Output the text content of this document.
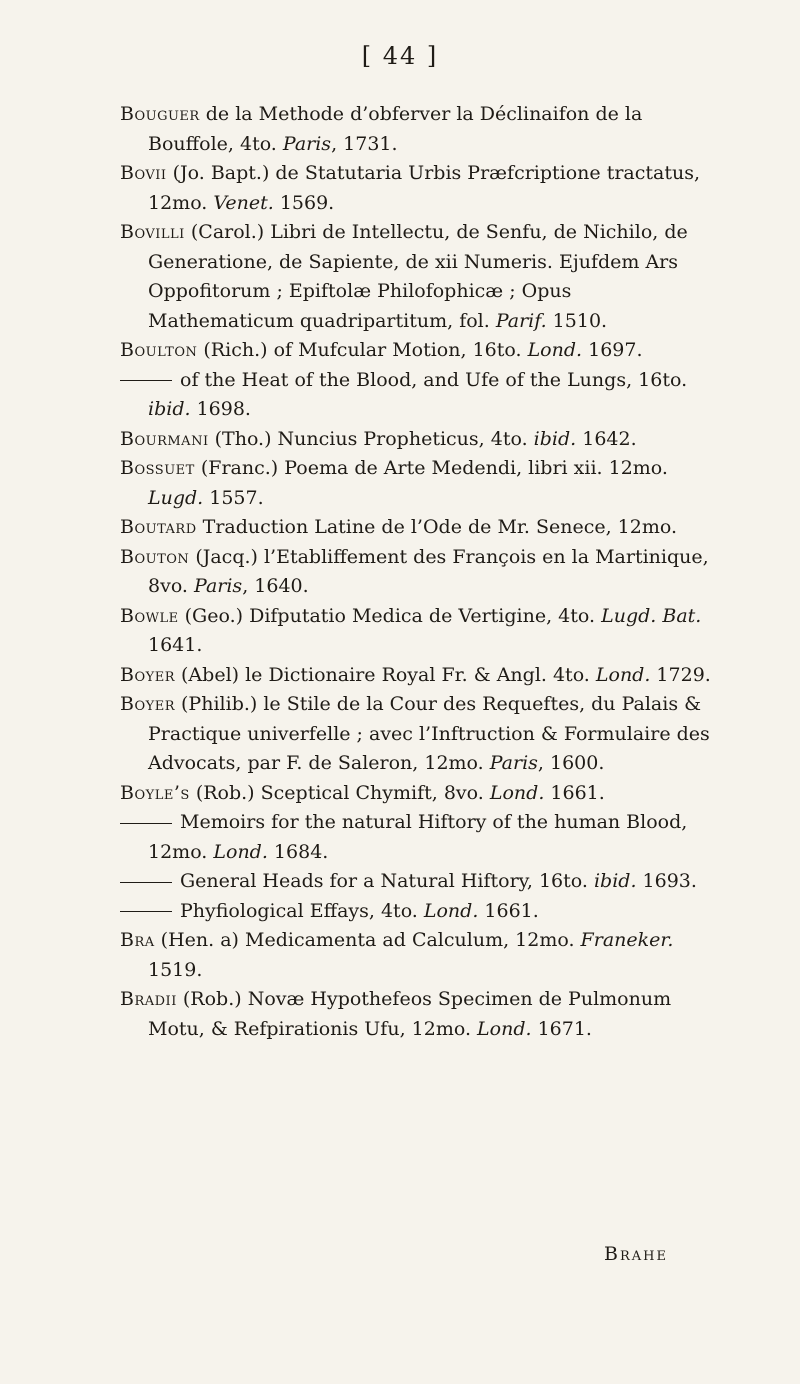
[ 44 ]

Bouguer de la Methode d’obferver la Déclinaifon de la Bouffole, 4to. Paris, 1731.

Bovii (Jo. Bapt.) de Statutaria Urbis Præfcriptione tractatus, 12mo. Venet. 1569.

Bovilli (Carol.) Libri de Intellectu, de Senfu, de Nichilo, de Generatione, de Sapiente, de xii Numeris. Ejufdem Ars Oppofitorum ; Epiftolæ Philofophicæ ; Opus Mathematicum quadripartitum, fol. Parif. 1510.

Boulton (Rich.) of Mufcular Motion, 16to. Lond. 1697.

of the Heat of the Blood, and Ufe of the Lungs, 16to. ibid. 1698.

Bourmani (Tho.) Nuncius Propheticus, 4to. ibid. 1642.

Bossuet (Franc.) Poema de Arte Medendi, libri xii. 12mo. Lugd. 1557.

Boutard Traduction Latine de l’Ode de Mr. Senece, 12mo.

Bouton (Jacq.) l’Etabliffement des François en la Martinique, 8vo. Paris, 1640.

Bowle (Geo.) Difputatio Medica de Vertigine, 4to. Lugd. Bat. 1641.

Boyer (Abel) le Dictionaire Royal Fr. & Angl. 4to. Lond. 1729.

Boyer (Philib.) le Stile de la Cour des Requeftes, du Palais & Practique univerfelle ; avec l’Inftruction & Formulaire des Advocats, par F. de Saleron, 12mo. Paris, 1600.

Boyle’s (Rob.) Sceptical Chymift, 8vo. Lond. 1661.

Memoirs for the natural Hiftory of the human Blood, 12mo. Lond. 1684.

General Heads for a Natural Hiftory, 16to. ibid. 1693.

Phyfiological Effays, 4to. Lond. 1661.

Bra (Hen. a) Medicamenta ad Calculum, 12mo. Franeker. 1519.

Bradii (Rob.) Novæ Hypothefeos Specimen de Pulmonum Motu, & Refpirationis Ufu, 12mo. Lond. 1671.

Brahe
